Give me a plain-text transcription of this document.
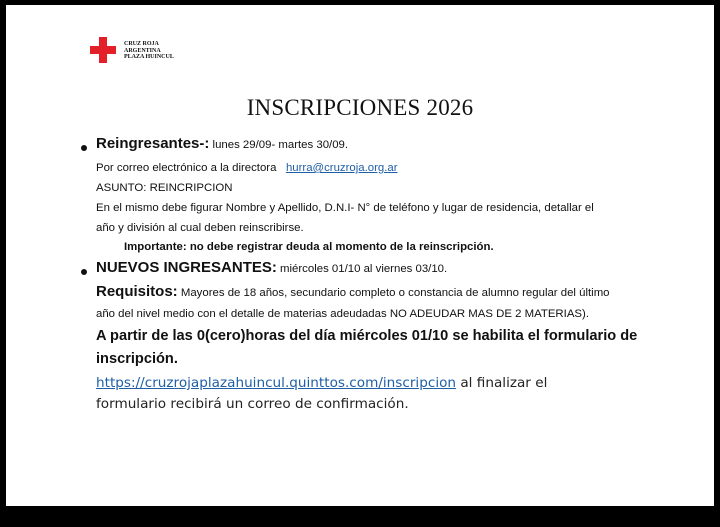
CRUZ ROJA
ARGENTINA
PLAZA HUINCUL
INSCRIPCIONES 2026
Reingresantes-: lunes 29/09- martes 30/09.
Por correo electrónico a la directora hurra@cruzroja.org.ar
ASUNTO: REINCRIPCION
En el mismo debe figurar Nombre y Apellido, D.N.I- N° de teléfono y lugar de residencia, detallar el
año y división al cual deben reinscribirse.
Importante: no debe registrar deuda al momento de la reinscripción.
NUEVOS INGRESANTES: miércoles 01/10 al viernes 03/10.
Requisitos: Mayores de 18 años, secundario completo o constancia de alumno regular del último
año del nivel medio con el detalle de materias adeudadas NO ADEUDAR MAS DE 2 MATERIAS).
A partir de las 0(cero)horas del día miércoles 01/10 se habilita el formulario de
inscripción.
https://cruzrojaplazahuincul.quinttos.com/inscripcion al finalizar el
formulario recibirá un correo de confirmación.
